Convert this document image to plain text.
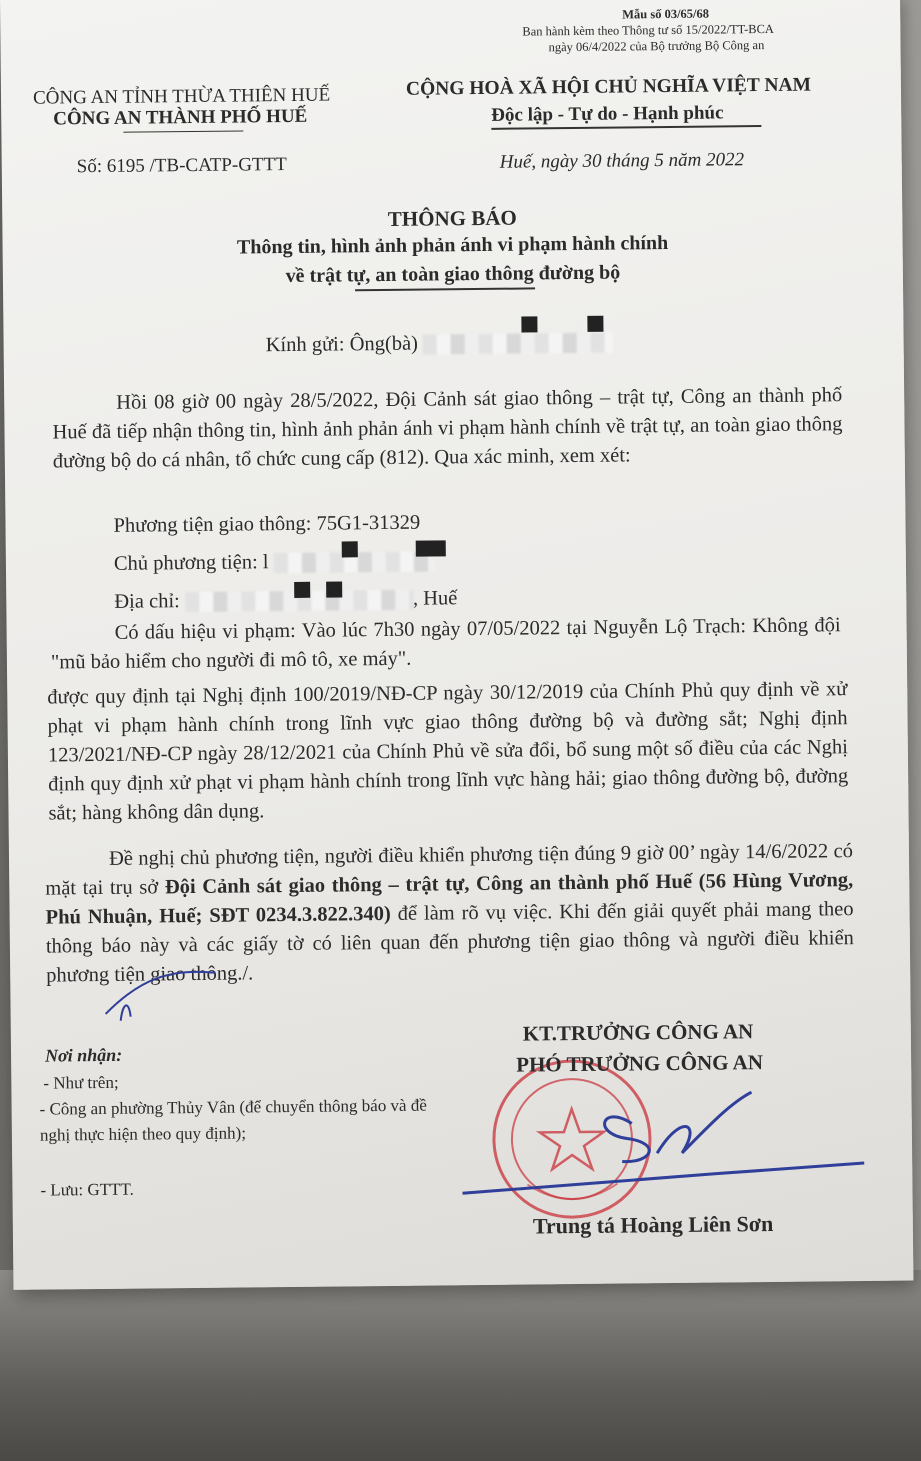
Mẫu số 03/65/68
Ban hành kèm theo Thông tư số 15/2022/TT-BCA
ngày 06/4/2022 của Bộ trưởng Bộ Công an
CÔNG AN TỈNH THỪA THIÊN HUẾ
CÔNG AN THÀNH PHỐ HUẾ
CỘNG HOÀ XÃ HỘI CHỦ NGHĨA VIỆT NAM
Độc lập - Tự do - Hạnh phúc
Số: 6195 /TB-CATP-GTTT	Huế, ngày 30 tháng 5 năm 2022
THÔNG BÁO
Thông tin, hình ảnh phản ánh vi phạm hành chính
về trật tự, an toàn giao thông đường bộ
Kính gửi: Ông(bà)
Hồi 08 giờ 00 ngày 28/5/2022, Đội Cảnh sát giao thông – trật tự, Công an thành phố Huế đã tiếp nhận thông tin, hình ảnh phản ánh vi phạm hành chính về trật tự, an toàn giao thông đường bộ do cá nhân, tổ chức cung cấp (812). Qua xác minh, xem xét:
Phương tiện giao thông: 75G1-31329
Chủ phương tiện: l
Địa chỉ:	, Huế
Có dấu hiệu vi phạm: Vào lúc 7h30 ngày 07/05/2022 tại Nguyễn Lộ Trạch: Không đội "mũ bảo hiểm cho người đi mô tô, xe máy".
được quy định tại Nghị định 100/2019/NĐ-CP ngày 30/12/2019 của Chính Phủ quy định về xử phạt vi phạm hành chính trong lĩnh vực giao thông đường bộ và đường sắt; Nghị định 123/2021/NĐ-CP ngày 28/12/2021 của Chính Phủ về sửa đổi, bổ sung một số điều của các Nghị định quy định xử phạt vi phạm hành chính trong lĩnh vực hàng hải; giao thông đường bộ, đường sắt; hàng không dân dụng.
Đề nghị chủ phương tiện, người điều khiển phương tiện đúng 9 giờ 00’ ngày 14/6/2022 có mặt tại trụ sở Đội Cảnh sát giao thông – trật tự, Công an thành phố Huế (56 Hùng Vương, Phú Nhuận, Huế; SĐT 0234.3.822.340) để làm rõ vụ việc. Khi đến giải quyết phải mang theo thông báo này và các giấy tờ có liên quan đến phương tiện giao thông và người điều khiển phương tiện giao thông./.
Nơi nhận:
- Như trên;
- Công an phường Thủy Vân (để chuyển thông báo và đề nghị thực hiện theo quy định);
- Lưu: GTTT.
KT.TRƯỞNG CÔNG AN
PHÓ TRƯỞNG CÔNG AN
Trung tá Hoàng Liên Sơn
